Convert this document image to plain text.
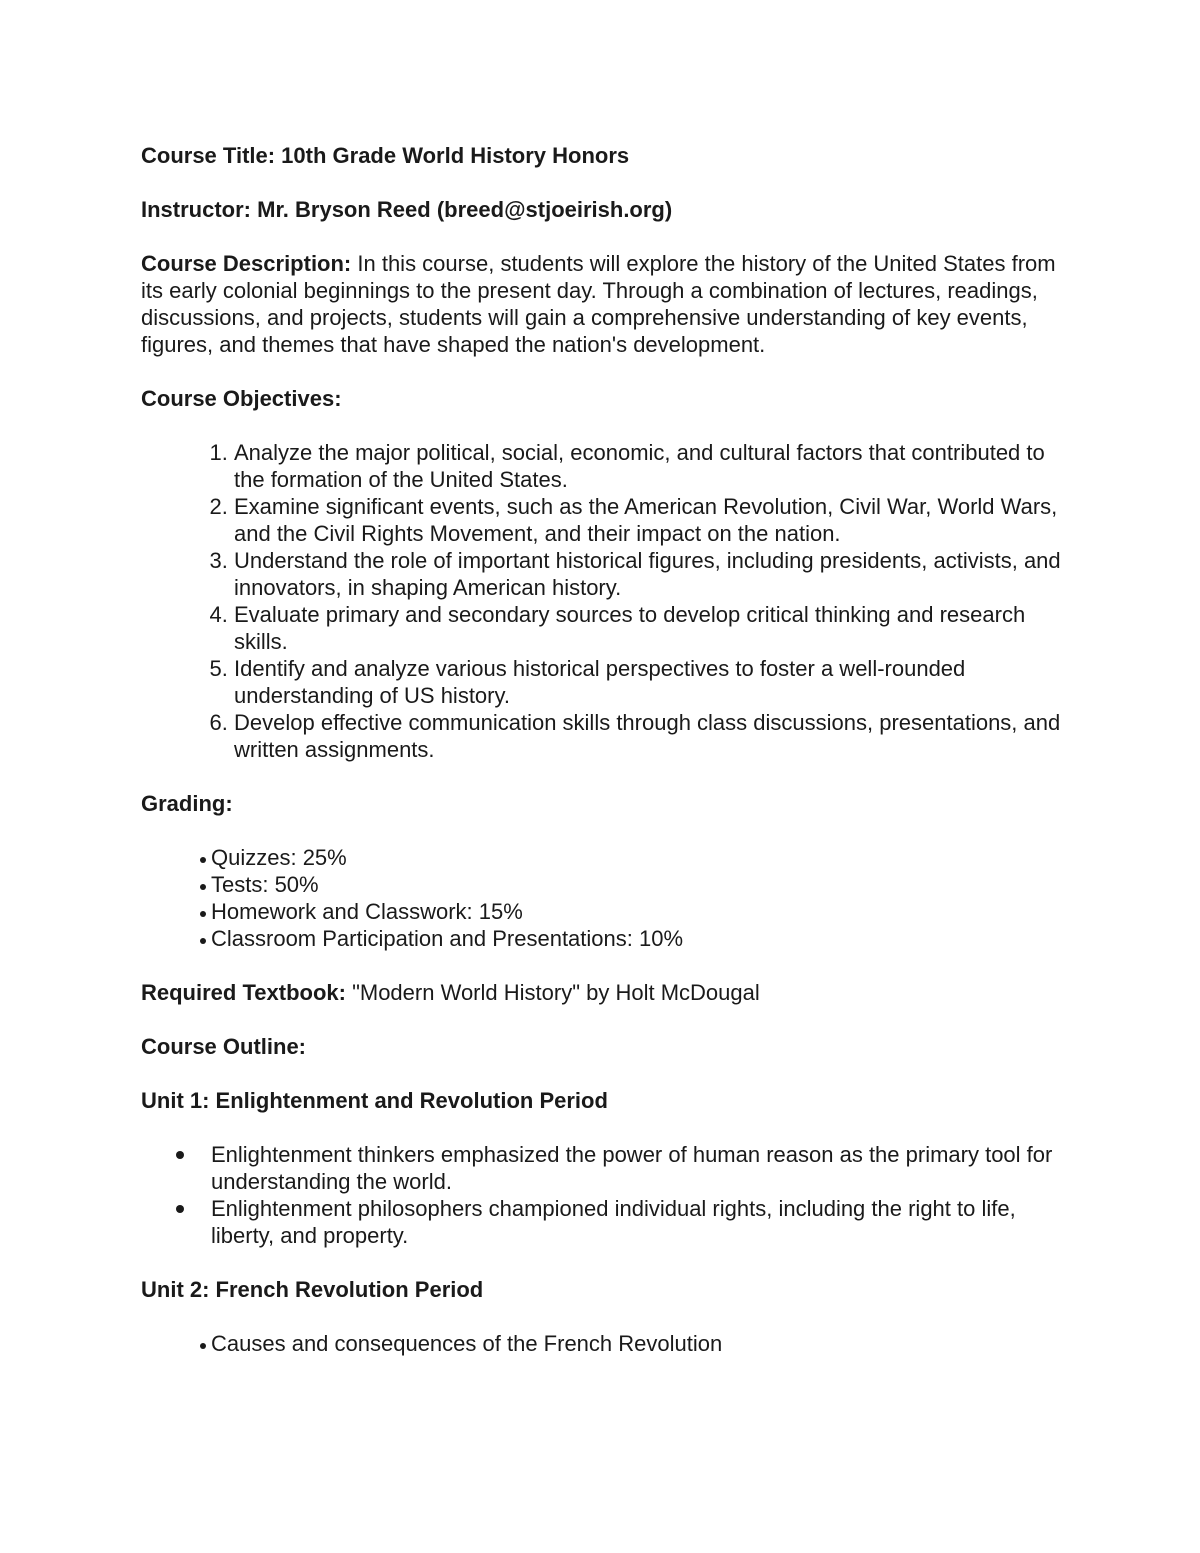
Course Title: 10th Grade World History Honors

Instructor: Mr. Bryson Reed (breed@stjoeirish.org)

Course Description: In this course, students will explore the history of the United States from its early colonial beginnings to the present day. Through a combination of lectures, readings, discussions, and projects, students will gain a comprehensive understanding of key events, figures, and themes that have shaped the nation's development.

Course Objectives:

1. Analyze the major political, social, economic, and cultural factors that contributed to the formation of the United States.
2. Examine significant events, such as the American Revolution, Civil War, World Wars, and the Civil Rights Movement, and their impact on the nation.
3. Understand the role of important historical figures, including presidents, activists, and innovators, in shaping American history.
4. Evaluate primary and secondary sources to develop critical thinking and research skills.
5. Identify and analyze various historical perspectives to foster a well-rounded understanding of US history.
6. Develop effective communication skills through class discussions, presentations, and written assignments.

Grading:

Quizzes: 25%
Tests: 50%
Homework and Classwork: 15%
Classroom Participation and Presentations: 10%

Required Textbook: "Modern World History" by Holt McDougal

Course Outline:

Unit 1: Enlightenment and Revolution Period

Enlightenment thinkers emphasized the power of human reason as the primary tool for understanding the world.
Enlightenment philosophers championed individual rights, including the right to life, liberty, and property.

Unit 2: French Revolution Period

Causes and consequences of the French Revolution
